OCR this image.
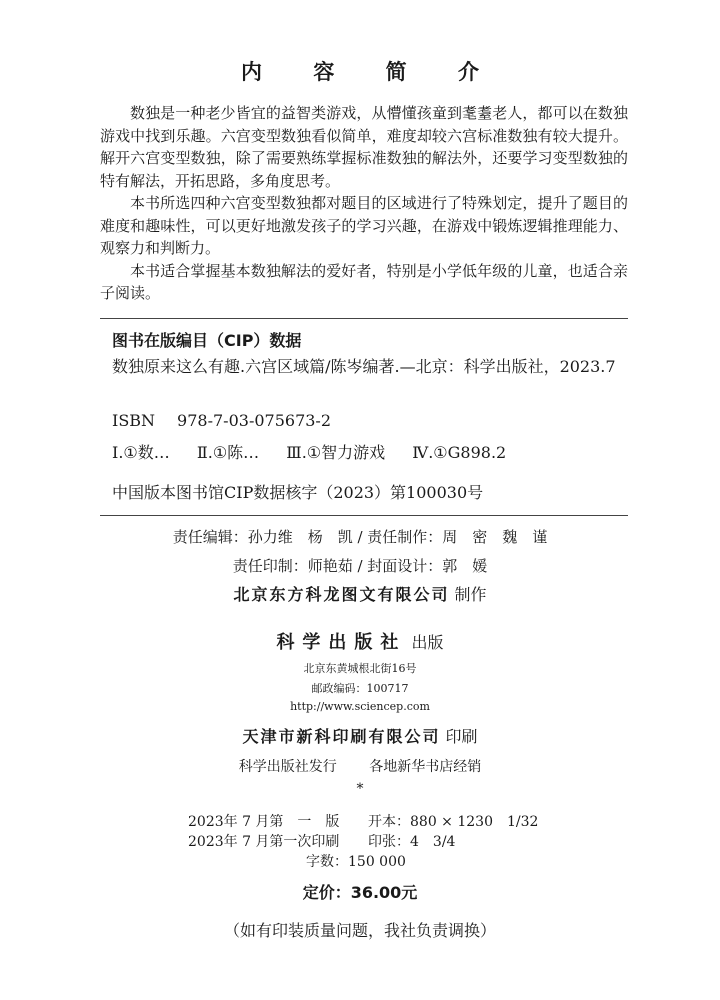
内 容 简 介

数独是一种老少皆宜的益智类游戏，从懵懂孩童到耄耋老人，都可以在数独游戏中找到乐趣。六宫变型数独看似简单，难度却较六宫标准数独有较大提升。解开六宫变型数独，除了需要熟练掌握标准数独的解法外，还要学习变型数独的特有解法，开拓思路，多角度思考。

本书所选四种六宫变型数独都对题目的区域进行了特殊划定，提升了题目的难度和趣味性，可以更好地激发孩子的学习兴趣，在游戏中锻炼逻辑推理能力、观察力和判断力。

本书适合掌握基本数独解法的爱好者，特别是小学低年级的儿童，也适合亲子阅读。

图书在版编目（CIP）数据
数独原来这么有趣.六宫区域篇/陈岑编著.—北京：科学出版社，2023.7
ISBN 978-7-03-075673-2
Ⅰ.①数… Ⅱ.①陈… Ⅲ.①智力游戏 Ⅳ.①G898.2
中国版本图书馆CIP数据核字（2023）第100030号
责任编辑：孙力维　杨　凯 / 责任制作：周　密　魏　谨
责任印制：师艳茹 / 封面设计：郭　媛
北京东方科龙图文有限公司 制作
科学出版社 出版
北京东黄城根北街16号
邮政编码：100717
http://www.sciencep.com
天津市新科印刷有限公司 印刷
科学出版社发行 各地新华书店经销
*
2023年 7 月第　一　版 开本：880 × 1230　1/32
2023年 7 月第一次印刷 印张：4　3/4
字数：150 000
定价：36.00元
（如有印装质量问题，我社负责调换）
